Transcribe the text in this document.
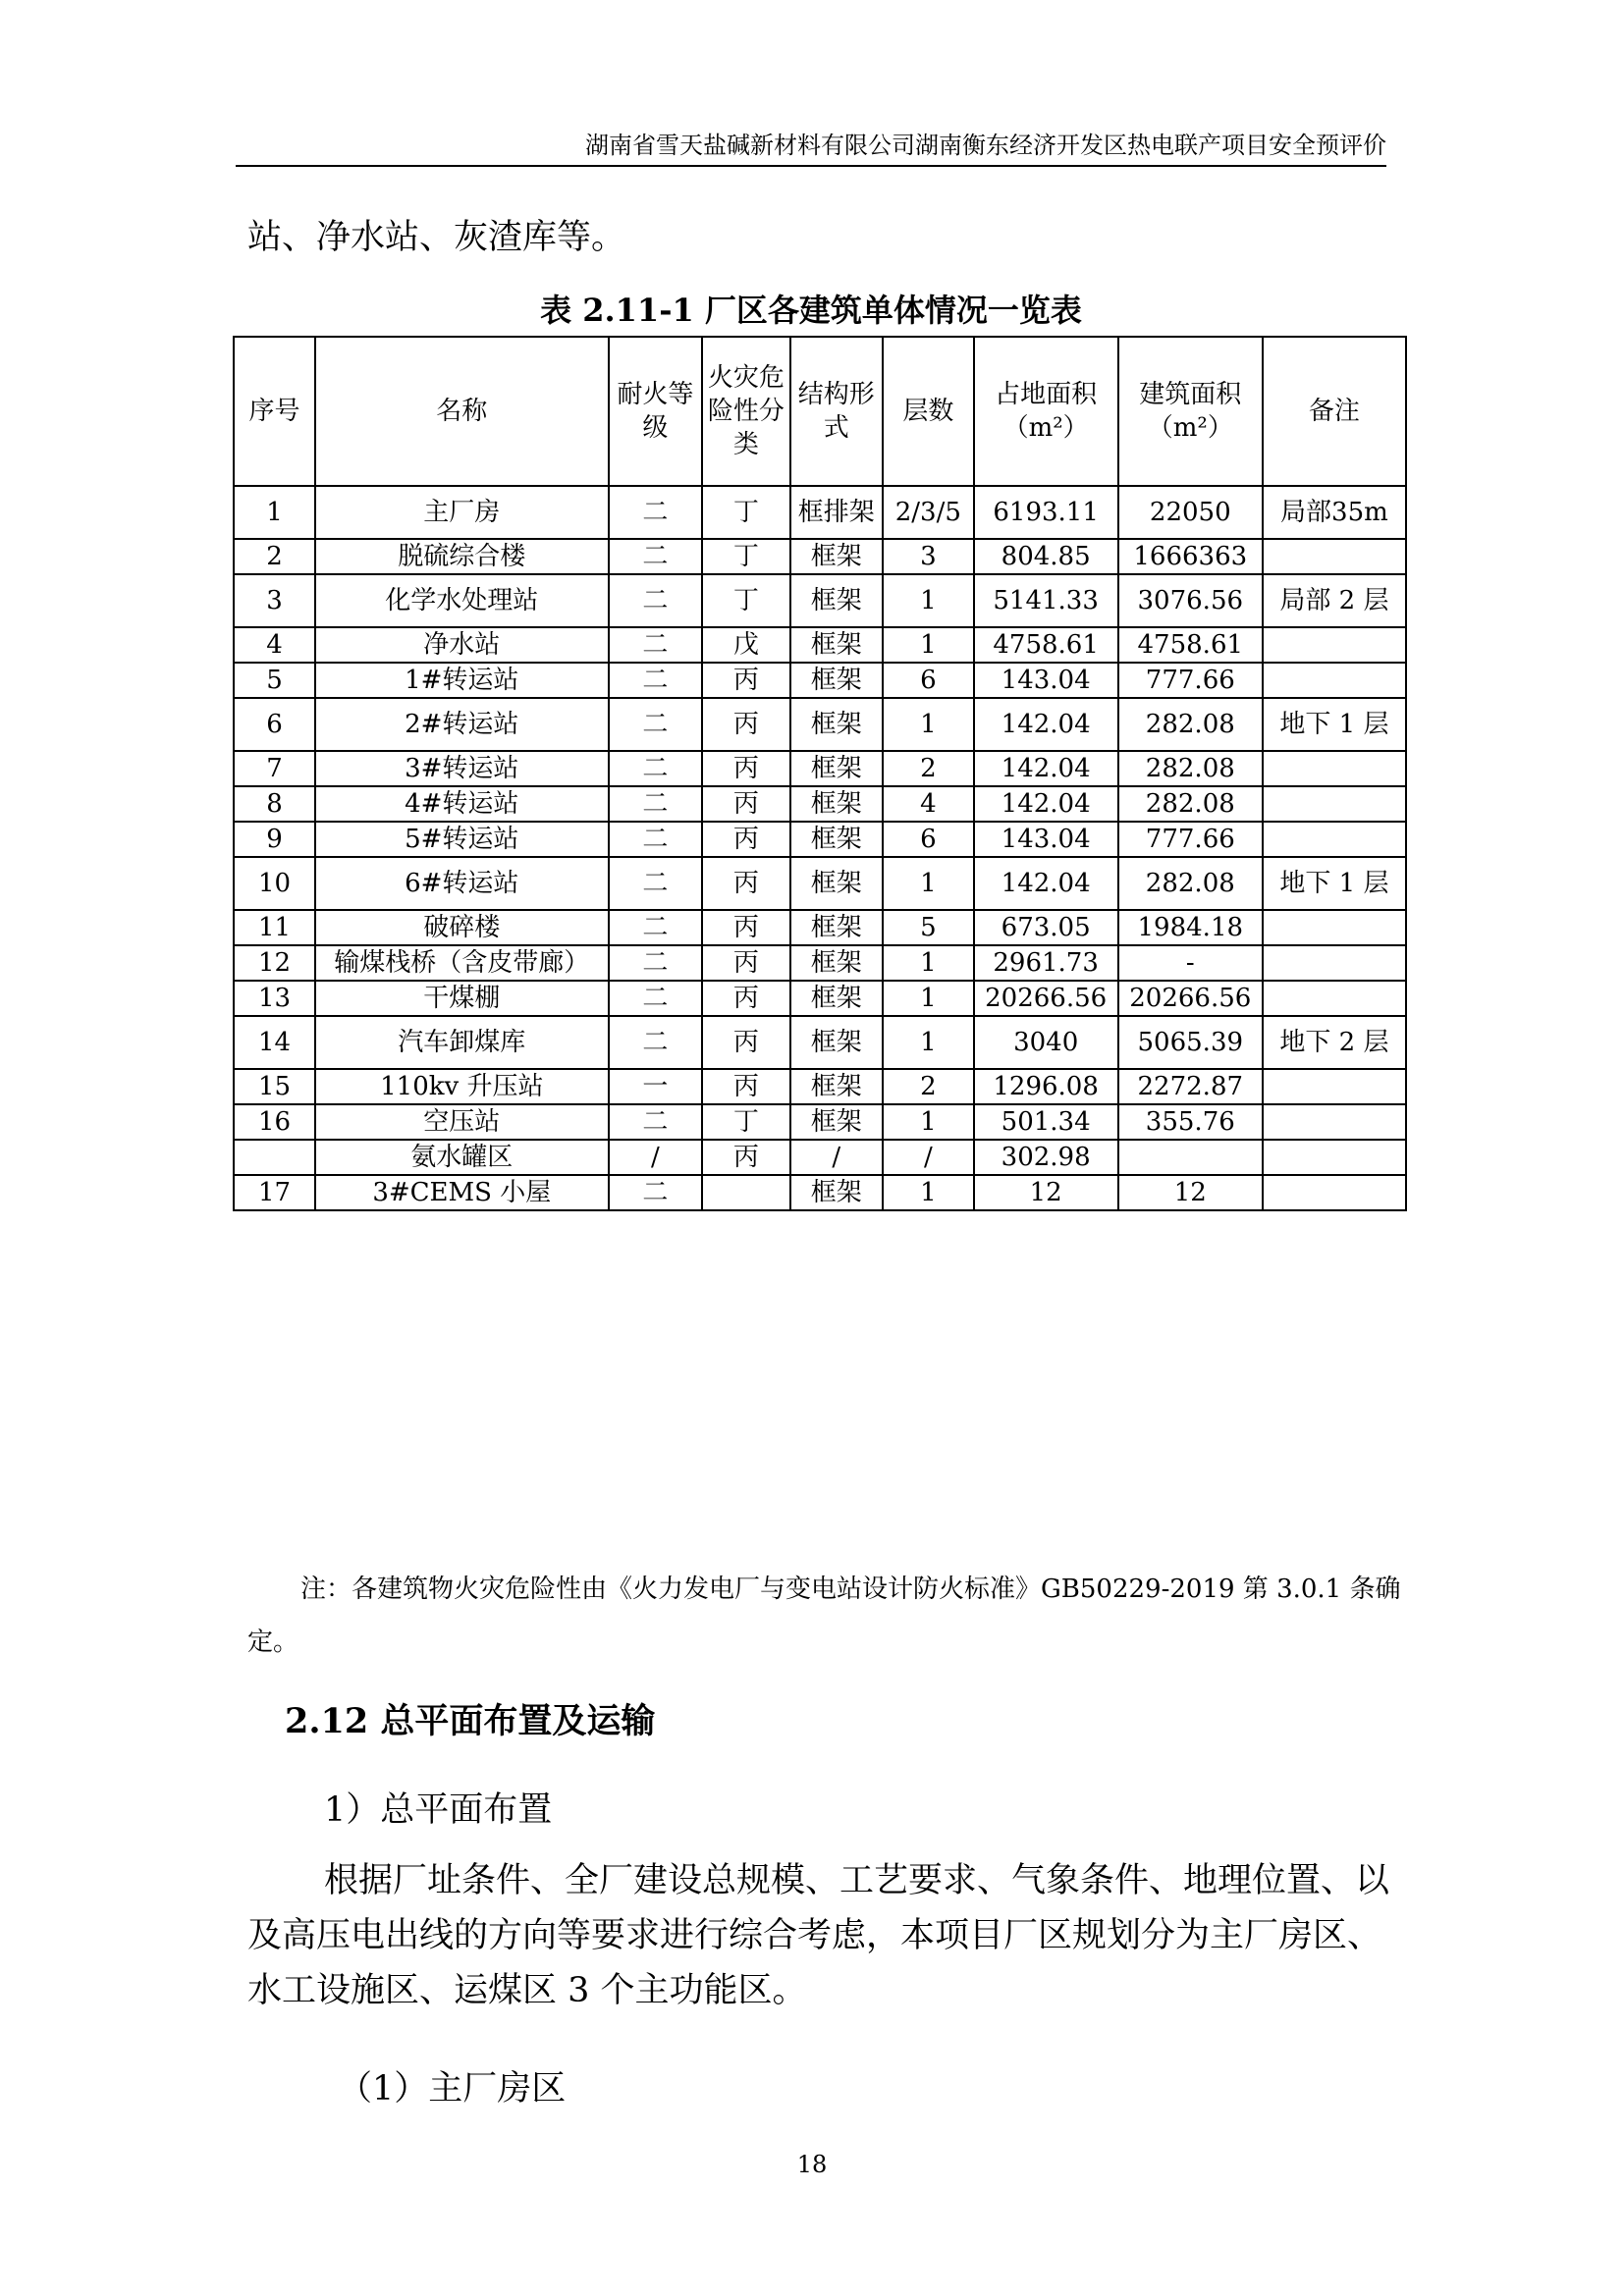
湖南省雪天盐碱新材料有限公司湖南衡东经济开发区热电联产项目安全预评价
站、净水站、灰渣库等。
表 2.11-1 厂区各建筑单体情况一览表
序号	名称	耐火等级	火灾危险性分类	结构形式	层数	占地面积（m²）	建筑面积（m²）	备注
1	主厂房	二	丁	框排架	2/3/5	6193.11	22050	局部35m
2	脱硫综合楼	二	丁	框架	3	804.85	1666363	
3	化学水处理站	二	丁	框架	1	5141.33	3076.56	局部 2 层
4	净水站	二	戊	框架	1	4758.61	4758.61	
5	1#转运站	二	丙	框架	6	143.04	777.66	
6	2#转运站	二	丙	框架	1	142.04	282.08	地下 1 层
7	3#转运站	二	丙	框架	2	142.04	282.08	
8	4#转运站	二	丙	框架	4	142.04	282.08	
9	5#转运站	二	丙	框架	6	143.04	777.66	
10	6#转运站	二	丙	框架	1	142.04	282.08	地下 1 层
11	破碎楼	二	丙	框架	5	673.05	1984.18	
12	输煤栈桥（含皮带廊）	二	丙	框架	1	2961.73	-	
13	干煤棚	二	丙	框架	1	20266.56	20266.56	
14	汽车卸煤库	二	丙	框架	1	3040	5065.39	地下 2 层
15	110kv 升压站	一	丙	框架	2	1296.08	2272.87	
16	空压站	二	丁	框架	1	501.34	355.76	
	氨水罐区	/	丙	/	/	302.98		
17	3#CEMS 小屋	二		框架	1	12	12	
注：各建筑物火灾危险性由《火力发电厂与变电站设计防火标准》GB50229-2019 第 3.0.1 条确定。
2.12 总平面布置及运输
1）总平面布置
根据厂址条件、全厂建设总规模、工艺要求、气象条件、地理位置、以及高压电出线的方向等要求进行综合考虑，本项目厂区规划分为主厂房区、水工设施区、运煤区 3 个主功能区。
（1）主厂房区
18
